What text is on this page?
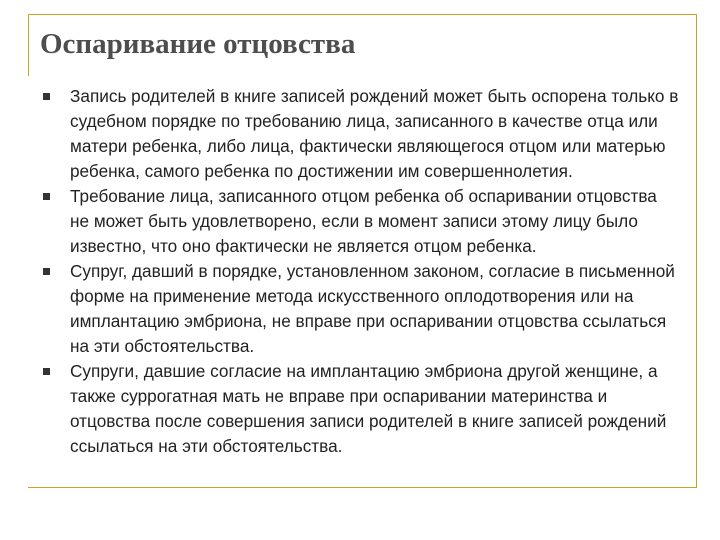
Оспаривание отцовства
Запись родителей в книге записей рождений может быть оспорена только в судебном порядке по требованию лица, записанного в качестве отца или матери ребенка, либо лица, фактически являющегося отцом или матерью ребенка, самого ребенка по достижении им совершеннолетия.
Требование лица, записанного отцом ребенка об оспаривании отцовства не может быть удовлетворено, если в момент записи этому лицу было известно, что оно фактически не является отцом ребенка.
Супруг, давший в порядке, установленном законом, согласие в письменной форме на применение метода искусственного оплодотворения или на имплантацию эмбриона, не вправе при оспаривании отцовства ссылаться на эти обстоятельства.
Супруги, давшие согласие на имплантацию эмбриона другой женщине, а также суррогатная мать не вправе при оспаривании материнства и отцовства после совершения записи родителей в книге записей рождений ссылаться на эти обстоятельства.
